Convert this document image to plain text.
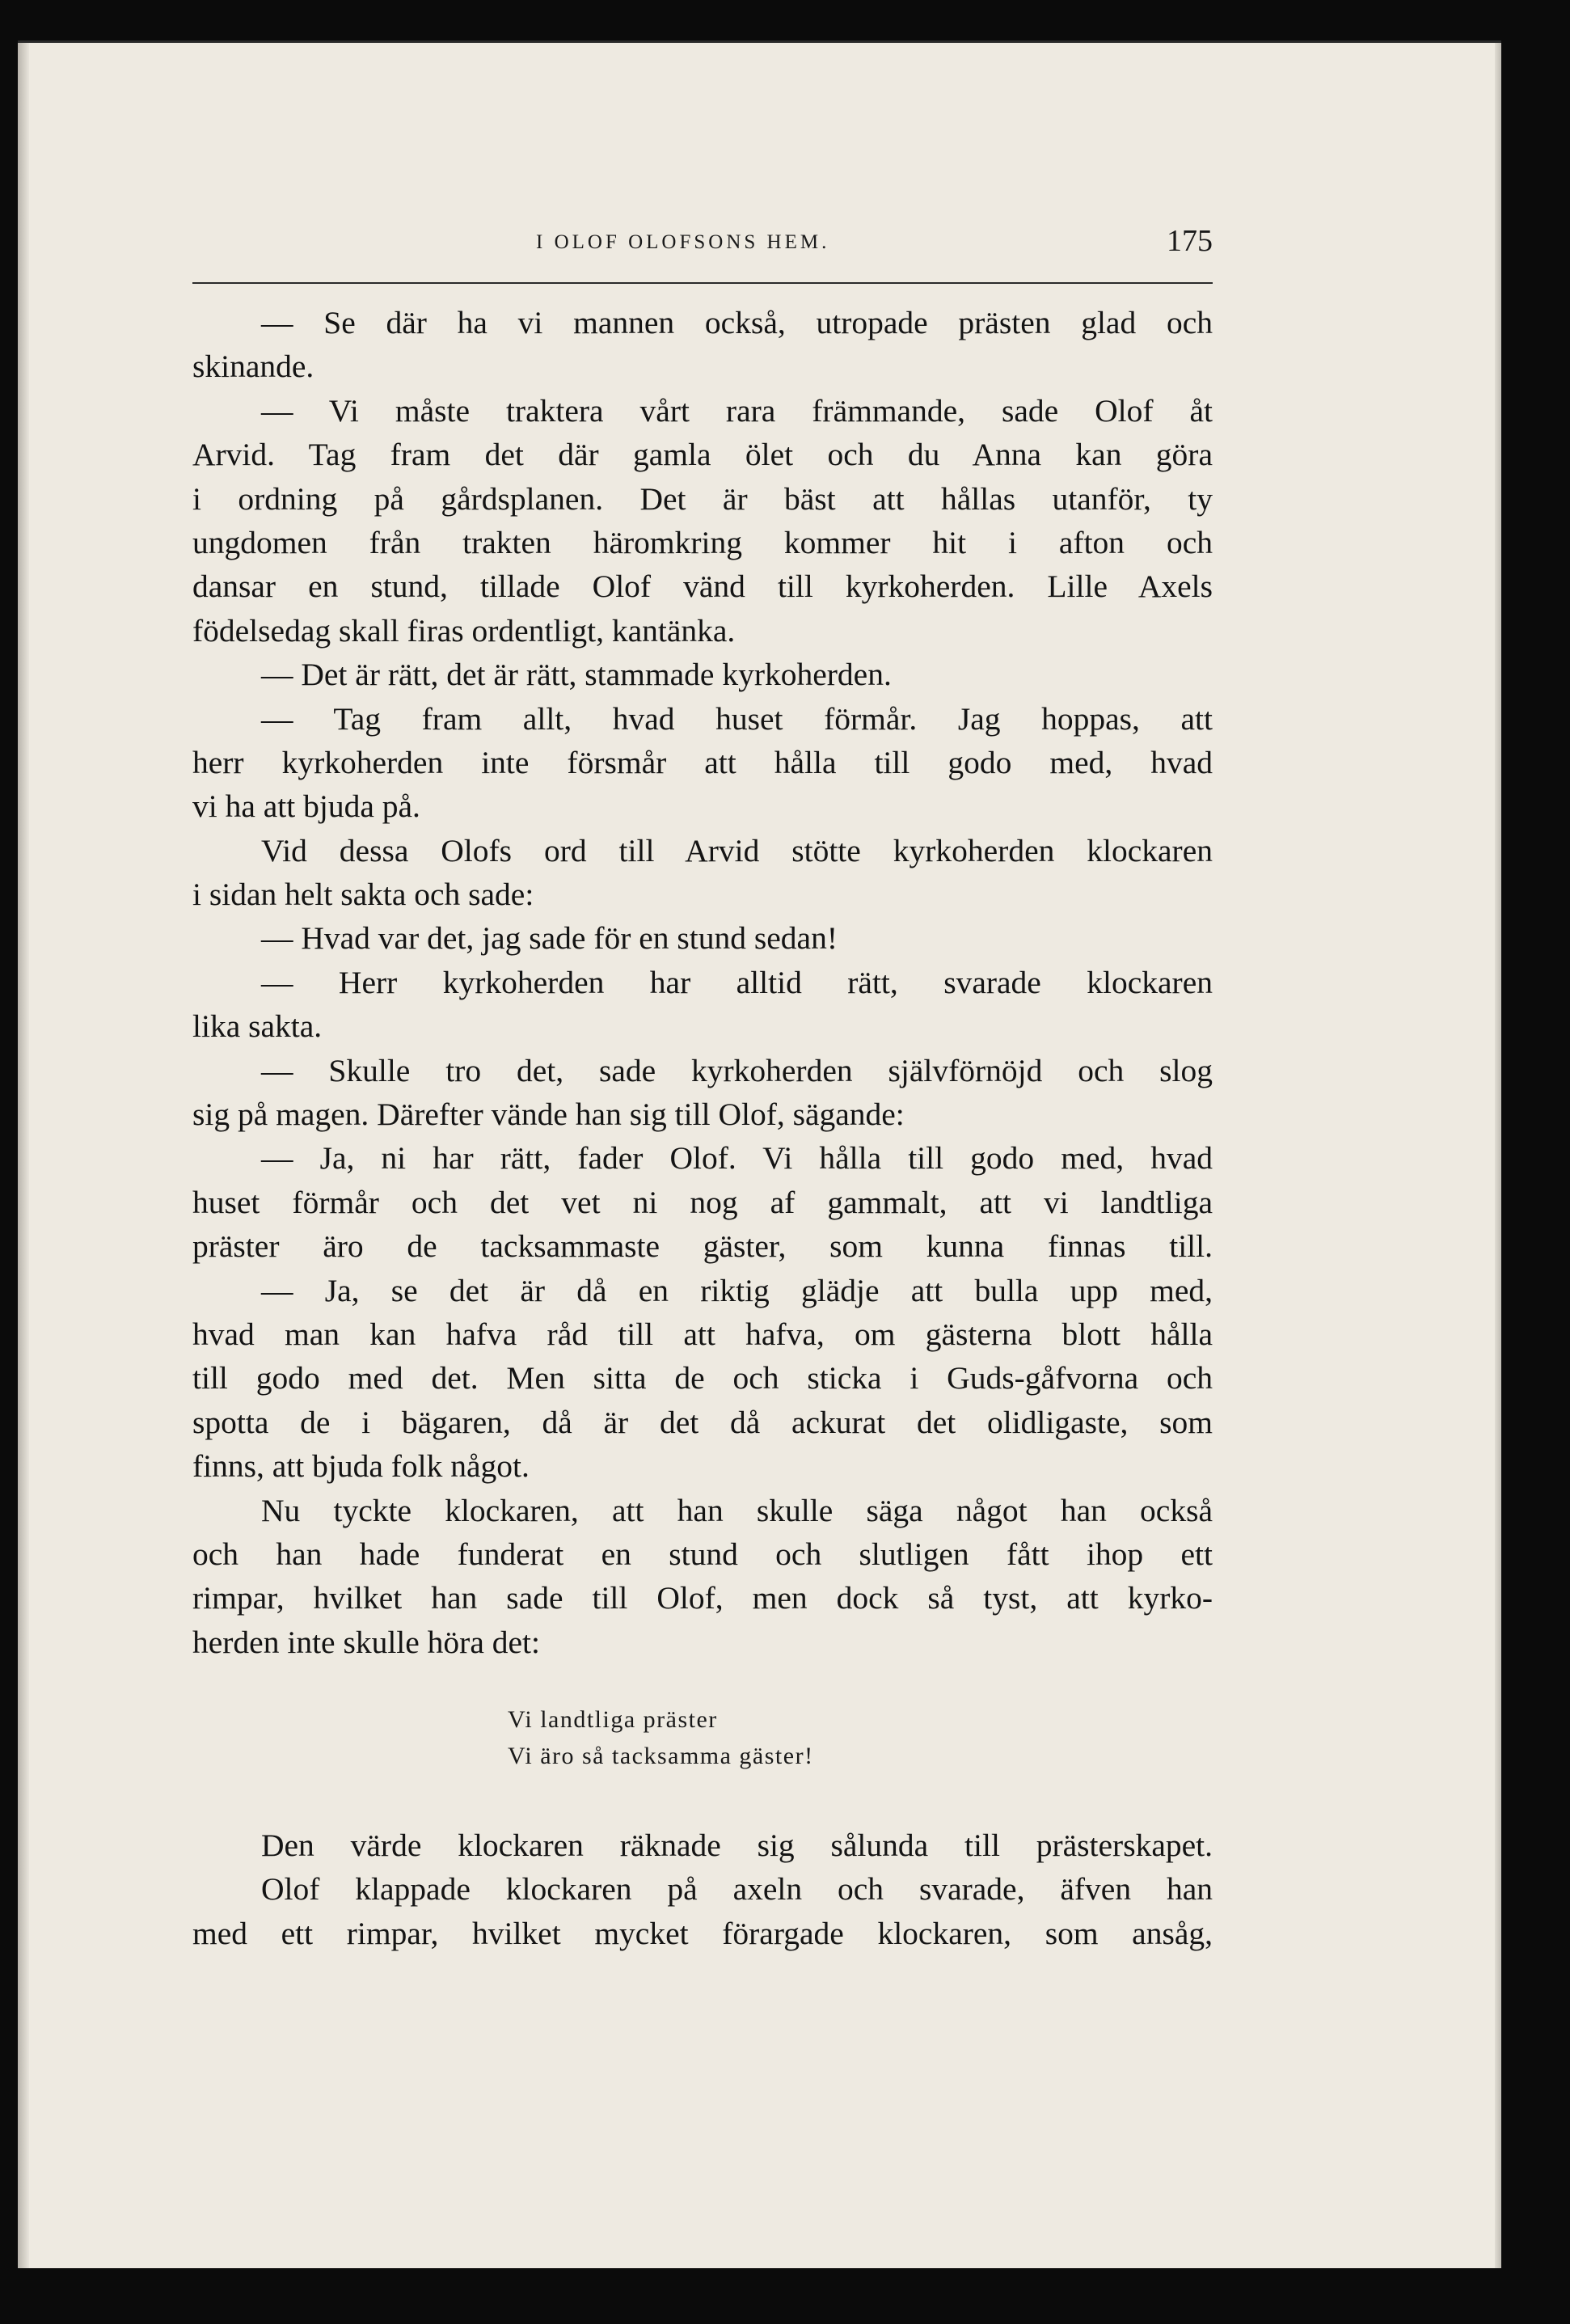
I OLOF OLOFSONS HEM.	175
— Se där ha vi mannen också, utropade prästen glad och
skinande.
— Vi måste traktera vårt rara främmande, sade Olof åt
Arvid. Tag fram det där gamla ölet och du Anna kan göra
i ordning på gårdsplanen. Det är bäst att hållas utanför, ty
ungdomen från trakten häromkring kommer hit i afton och
dansar en stund, tillade Olof vänd till kyrkoherden. Lille Axels
födelsedag skall firas ordentligt, kantänka.
— Det är rätt, det är rätt, stammade kyrkoherden.
— Tag fram allt, hvad huset förmår. Jag hoppas, att
herr kyrkoherden inte försmår att hålla till godo med, hvad
vi ha att bjuda på.
Vid dessa Olofs ord till Arvid stötte kyrkoherden klockaren
i sidan helt sakta och sade:
— Hvad var det, jag sade för en stund sedan!
— Herr kyrkoherden har alltid rätt, svarade klockaren
lika sakta.
— Skulle tro det, sade kyrkoherden självförnöjd och slog
sig på magen. Därefter vände han sig till Olof, sägande:
— Ja, ni har rätt, fader Olof. Vi hålla till godo med, hvad
huset förmår och det vet ni nog af gammalt, att vi landtliga
präster äro de tacksammaste gäster, som kunna finnas till.
— Ja, se det är då en riktig glädje att bulla upp med,
hvad man kan hafva råd till att hafva, om gästerna blott hålla
till godo med det. Men sitta de och sticka i Guds-gåfvorna och
spotta de i bägaren, då är det då ackurat det olidligaste, som
finns, att bjuda folk något.
Nu tyckte klockaren, att han skulle säga något han också
och han hade funderat en stund och slutligen fått ihop ett
rimpar, hvilket han sade till Olof, men dock så tyst, att kyrko-
herden inte skulle höra det:
Vi landtliga präster
Vi äro så tacksamma gäster!
Den värde klockaren räknade sig sålunda till prästerskapet.
Olof klappade klockaren på axeln och svarade, äfven han
med ett rimpar, hvilket mycket förargade klockaren, som ansåg,
